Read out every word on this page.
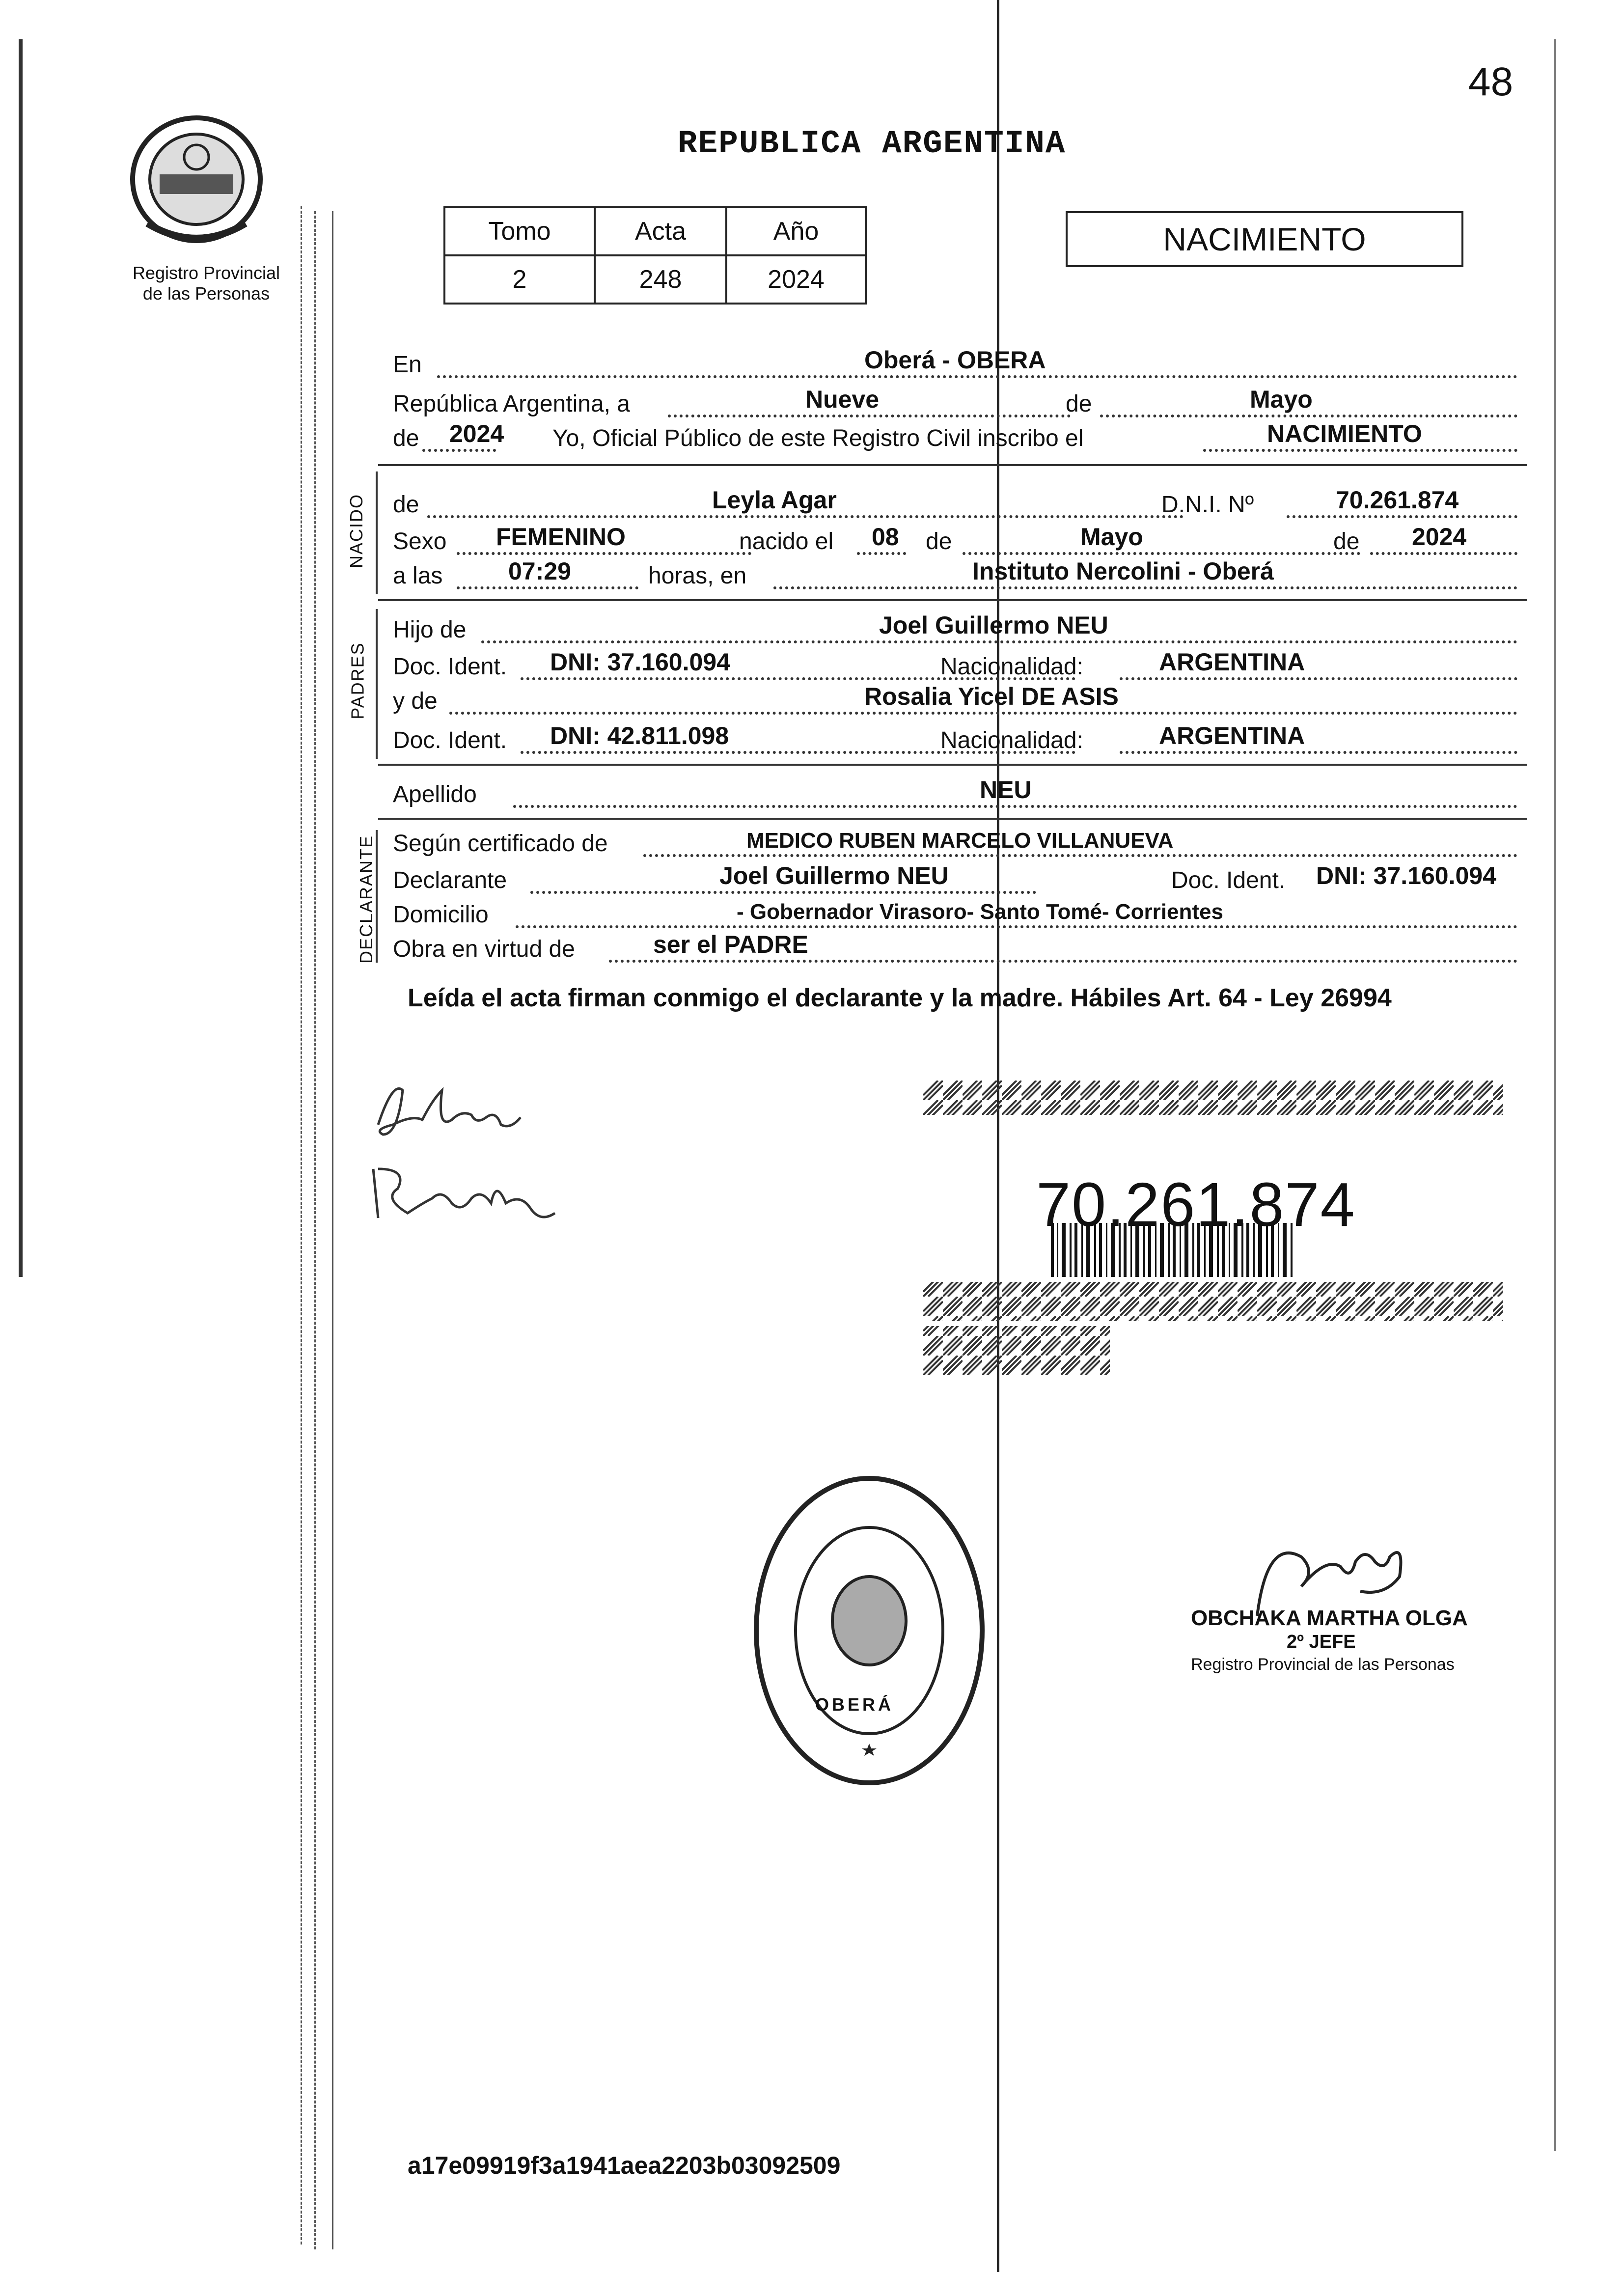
48
Registro Provincial
de las Personas
REPUBLICA ARGENTINA
Tomo	Acta	Año
2	248	2024
NACIMIENTO
En	Oberá - OBERA
República Argentina, a	Nueve	de	Mayo
de 2024 Yo, Oficial Público de este Registro Civil inscribo el	NACIMIENTO
de	Leyla Agar	D.N.I. Nº	70.261.874
Sexo FEMENINO	nacido el 08 de	Mayo	de 2024
a las	07:29	horas, en	Instituto Nercolini - Oberá
Hijo de	Joel Guillermo NEU
Doc. Ident. DNI: 37.160.094	Nacionalidad:	ARGENTINA
y de	Rosalia Yicel DE ASIS
Doc. Ident. DNI: 42.811.098	Nacionalidad:	ARGENTINA
Apellido	NEU
Según certificado de	MEDICO RUBEN MARCELO VILLANUEVA
Declarante	Joel Guillermo NEU	Doc. Ident. DNI: 37.160.094
Domicilio	- Gobernador Virasoro- Santo Tomé- Corrientes
Obra en virtud de	ser el PADRE
NACIDO
PADRES
DECLARANTE
Leída el acta firman conmigo el declarante y la madre. Hábiles Art. 64 - Ley 26994
70.261.874
OBERÁ
OBCHAKA MARTHA OLGA
2º JEFE
Registro Provincial de las Personas
a17e09919f3a1941aea2203b03092509
